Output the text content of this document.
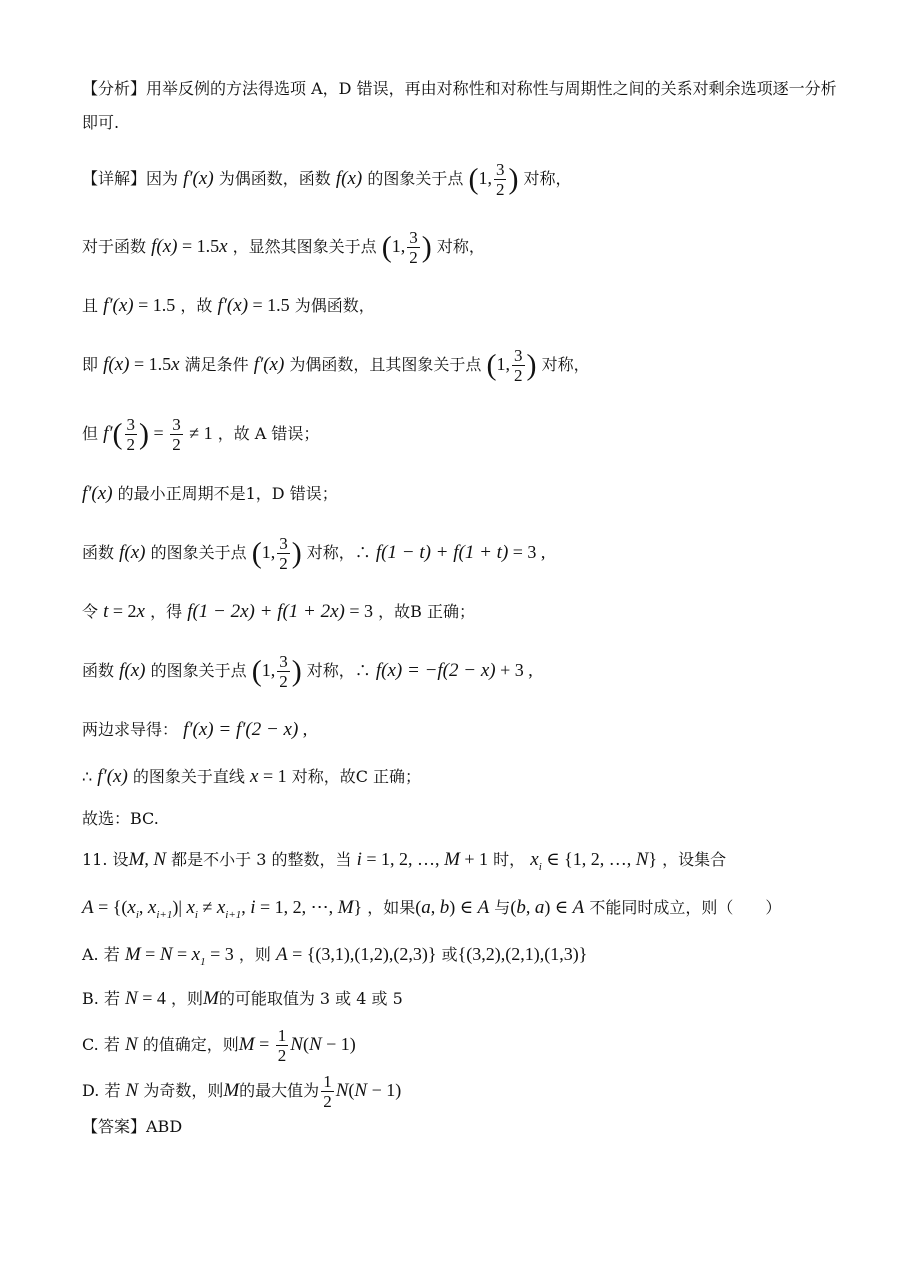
【分析】用举反例的方法得选项 A，D 错误，再由对称性和对称性与周期性之间的关系对剩余选项逐一分析
即可.
【详解】因为 f′(x) 为偶函数，函数 f(x) 的图象关于点 (1, $\frac{3}{2}$ ) 对称，
对于函数 f(x) = 1.5x ，显然其图象关于点 (1, $\frac{3}{2}$ ) 对称，
且 f′(x) = 1.5 ，故 f′(x) = 1.5 为偶函数，
即 f(x) = 1.5x 满足条件 f′(x) 为偶函数，且其图象关于点 (1, $\frac{3}{2}$ ) 对称，
但 $f'( \frac{3}{2}$ ) = $\frac{3}{2} \ne 1$ ，故 A 错误；
f′(x) 的最小正周期不是1，D 错误；
函数 f(x) 的图象关于点 (1, $\frac{3}{2}$ ) 对称，∴ f(1 − t) + f(1 + t) = 3 ,
令 t = 2x ，得 f(1 − 2x) + f(1 + 2x) = 3 ，故B 正确；
函数 f(x) 的图象关于点 (1, $\frac{3}{2}$ ) 对称，∴ f(x) = −f(2 − x) + 3 ,
两边求导得： f′(x) = f′(2 − x) ,
∴ f′(x) 的图象关于直线 x = 1 对称，故C 正确；
故选：BC.
11. 设M, N 都是不小于 3 的整数，当 i = 1, 2, …, M + 1 时， $x_i$ ∈ {1, 2, …, N} ，设集合
$A = \{(x_i$, $x_{i+1})|$ $x_i \ne x_{i+1}$, i = 1, 2, ⋯, M} ，如果(a, b) ∈ A 与(b, a) ∈ A 不能同时成立，则（　　）
A. 若 $M = N = x_1 = 3$ ，则 A = {(3,1),(1,2),(2,3)} 或{(3,2),(2,1),(1,3)}
B. 若 N = 4 ，则M的可能取值为 3 或 4 或 5
C. 若 N 的值确定，则$M = \frac{1}{2} N(N - 1)$
D. 若 N 为奇数，则M的最大值为 $\frac{1}{2} N(N - 1)$
【答案】ABD
